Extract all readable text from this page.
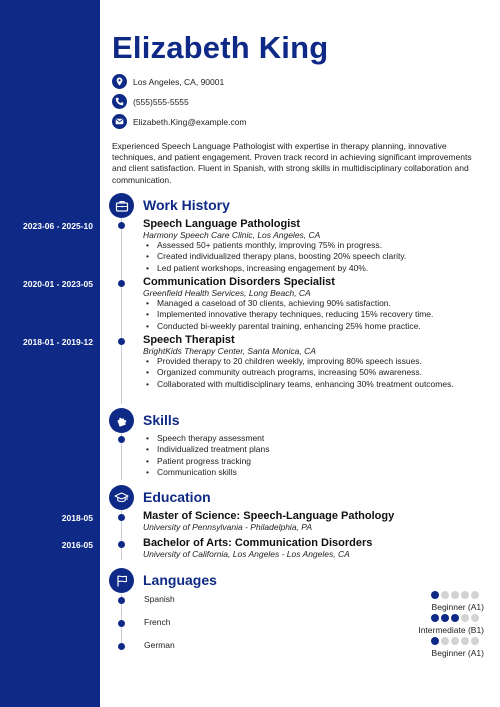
Elizabeth King
Los Angeles, CA, 90001
(555)555-5555
Elizabeth.King@example.com
Experienced Speech Language Pathologist with expertise in therapy planning, innovative techniques, and patient engagement. Proven track record in achieving significant improvements and client satisfaction. Fluent in Spanish, with strong skills in multidisciplinary collaboration and communication.
Work History
2023-06 - 2025-10	Speech Language Pathologist
Harmony Speech Care Clinic, Los Angeles, CA
• Assessed 50+ patients monthly, improving 75% in progress.
• Created individualized therapy plans, boosting 20% speech clarity.
• Led patient workshops, increasing engagement by 40%.
2020-01 - 2023-05	Communication Disorders Specialist
Greenfield Health Services, Long Beach, CA
• Managed a caseload of 30 clients, achieving 90% satisfaction.
• Implemented innovative therapy techniques, reducing 15% recovery time.
• Conducted bi-weekly parental training, enhancing 25% home practice.
2018-01 - 2019-12	Speech Therapist
BrightKids Therapy Center, Santa Monica, CA
• Provided therapy to 20 children weekly, improving 80% speech issues.
• Organized community outreach programs, increasing 50% awareness.
• Collaborated with multidisciplinary teams, enhancing 30% treatment outcomes.
Skills
• Speech therapy assessment
• Individualized treatment plans
• Patient progress tracking
• Communication skills
Education
2018-05	Master of Science: Speech-Language Pathology
University of Pennsylvania - Philadelphia, PA
2016-05	Bachelor of Arts: Communication Disorders
University of California, Los Angeles - Los Angeles, CA
Languages
Spanish
Beginner (A1)
French
Intermediate (B1)
German
Beginner (A1)
